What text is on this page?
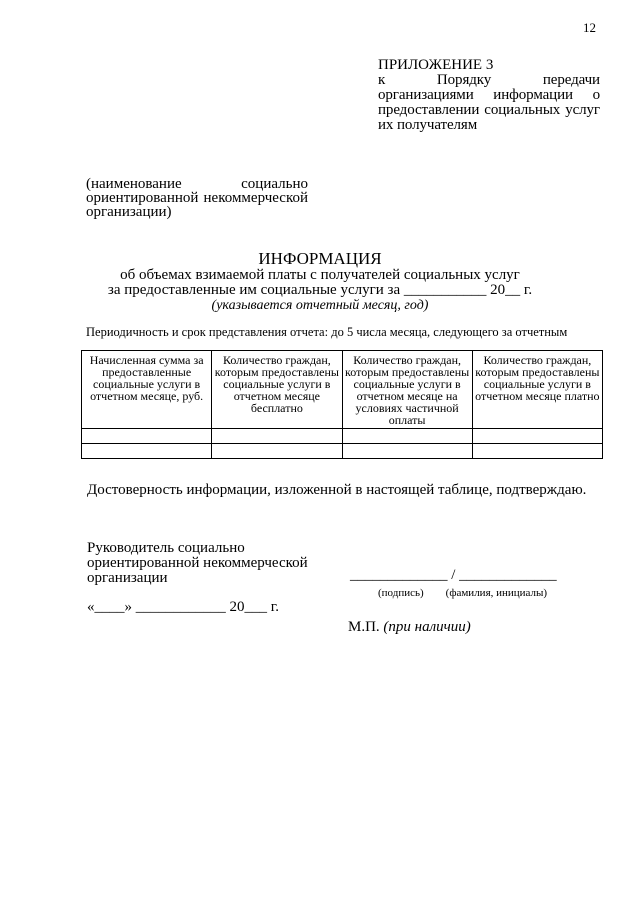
12
ПРИЛОЖЕНИЕ 3
к Порядку передачи организациями информации о предоставлении социальных услуг их получателям
(наименование социально ориентированной некоммерческой организации)
ИНФОРМАЦИЯ
об объемах взимаемой платы с получателей социальных услуг
за предоставленные им социальные услуги за ___________ 20__ г.
(указывается отчетный месяц, год)
Периодичность и срок представления отчета: до 5 числа месяца, следующего за отчетным
Начисленная сумма за предоставленные социальные услуги в отчетном месяце, руб.	Количество граждан, которым предоставлены социальные услуги в отчетном месяце бесплатно	Количество граждан, которым предоставлены социальные услуги в отчетном месяце на условиях частичной оплаты	Количество граждан, которым предоставлены социальные услуги в отчетном месяце платно

Достоверность информации, изложенной в настоящей таблице, подтверждаю.
Руководитель социально ориентированной некоммерческой организации	_____________ / _____________
(подпись) (фамилия, инициалы)
«____» ____________ 20___ г.
М.П. (при наличии)
